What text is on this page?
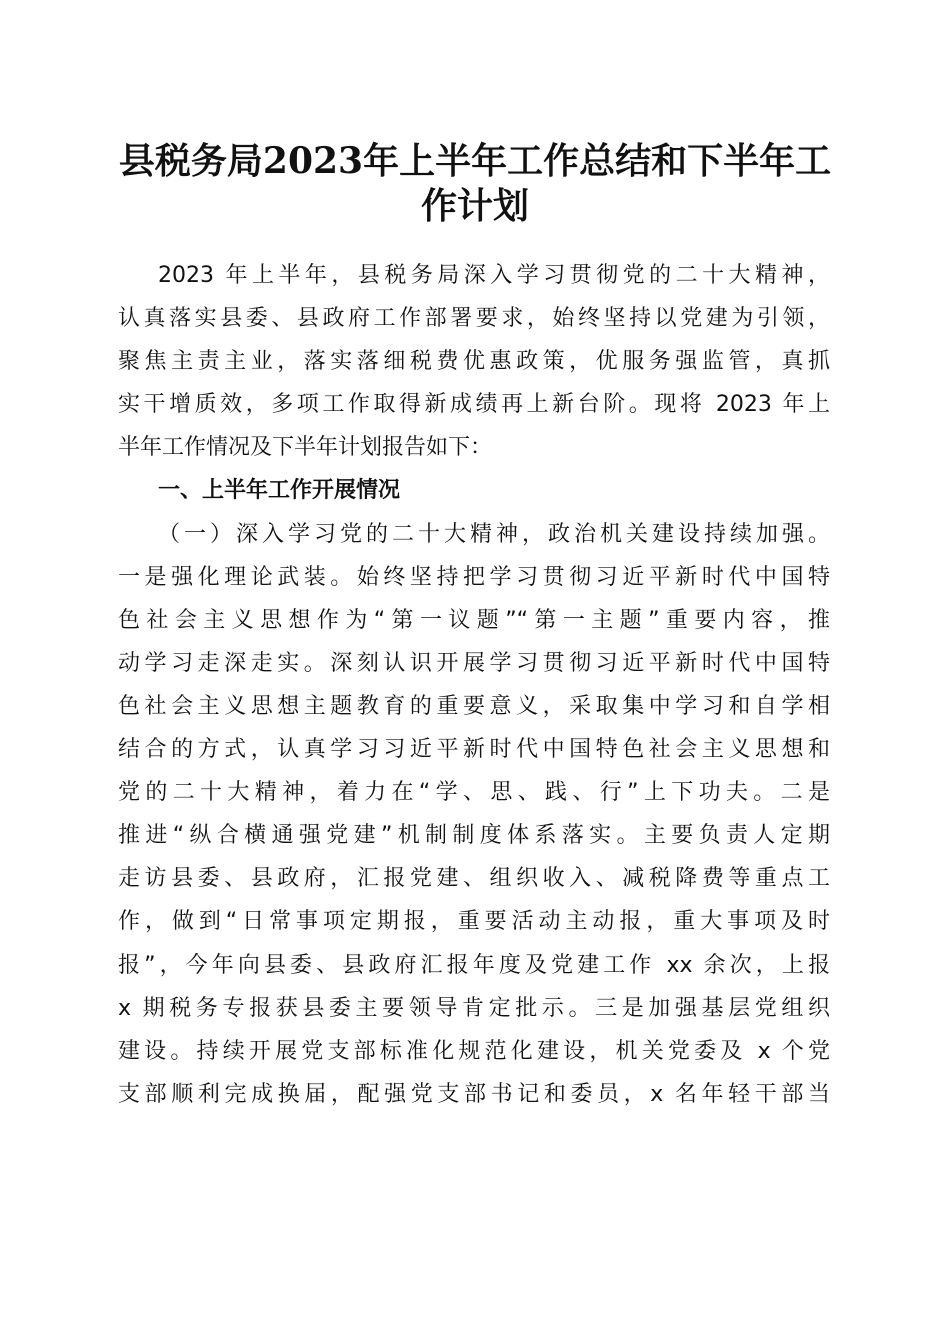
县税务局2023年上半年工作总结和下半年工
作计划
2023 年上半年，县税务局深入学习贯彻党的二十大精神，
认真落实县委、县政府工作部署要求，始终坚持以党建为引领，
聚焦主责主业，落实落细税费优惠政策，优服务强监管，真抓
实干增质效，多项工作取得新成绩再上新台阶。现将 2023 年上
半年工作情况及下半年计划报告如下：
一、上半年工作开展情况
（一）深入学习党的二十大精神，政治机关建设持续加强。
一是强化理论武装。始终坚持把学习贯彻习近平新时代中国特
色社会主义思想作为“第一议题”“第一主题”重要内容，推
动学习走深走实。深刻认识开展学习贯彻习近平新时代中国特
色社会主义思想主题教育的重要意义，采取集中学习和自学相
结合的方式，认真学习习近平新时代中国特色社会主义思想和
党的二十大精神，着力在“学、思、践、行”上下功夫。二是
推进“纵合横通强党建”机制制度体系落实。主要负责人定期
走访县委、县政府，汇报党建、组织收入、减税降费等重点工
作，做到“日常事项定期报，重要活动主动报，重大事项及时
报”，今年向县委、县政府汇报年度及党建工作 xx 余次，上报
x 期税务专报获县委主要领导肯定批示。三是加强基层党组织
建设。持续开展党支部标准化规范化建设，机关党委及 x 个党
支部顺利完成换届，配强党支部书记和委员，x 名年轻干部当
